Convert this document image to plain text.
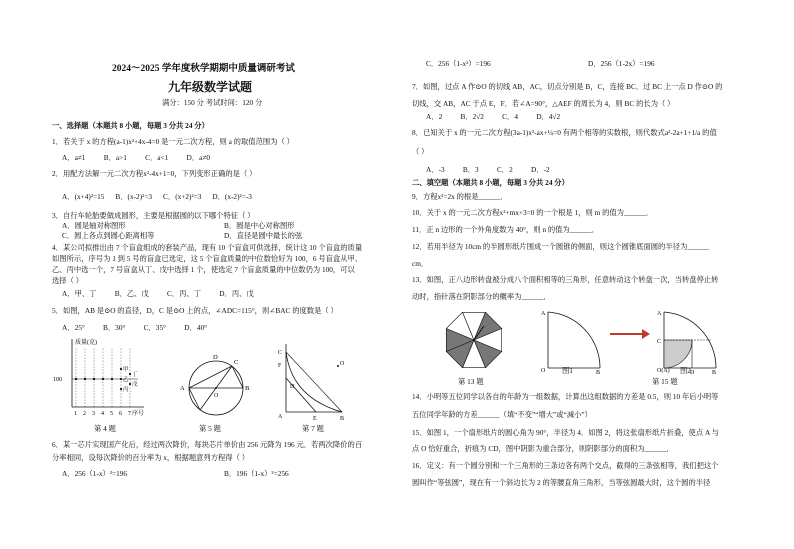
2024～2025 学年度秋学期期中质量调研考试
九年级数学试题
满分：150 分 考试时间：120 分
一、选择题（本题共 8 小题，每题 3 分共 24 分）
1．若关于 x 的方程(a-1)x²+4x-4=0 是一元二次方程，则 a 的取值范围为（ ）
A．a≠1          B．a>1          C．a<1          D．a≠0
2．用配方法解一元二次方程x²-4x+1=0，下列变形正确的是（ ）
A．(x+4)²=15      B．(x-2)²=3      C．(x+2)²=3      D．(x-2)²=-3
3．自行车轮胎要做成圆形，主要是根据圆的以下哪个特征（ ）
A．圆是轴对称图形	B．圆是中心对称图形
C．圆上各点到圆心距离相等	D．直径是圆中最长的弦
4．某公司拟推出由 7 个盲盒组成的套装产品，现有 10 个盲盒可供选择，统计这 10 个盲盒的质量
如图所示，序号为 1 到 5 号的盲盒已选定，这 5 个盲盒质量的中位数恰好为 100，6 号盲盒从甲、
乙、丙中选一个，7 号盲盒从丁、戊中选择 1 个，使选定 7 个盲盒质量的中位数仍为 100，可以
选择（ ）
A．甲、丁          B．乙、戊          C．丙、丁          D．丙、戊
5．如图，AB 是⊙O 的直径，D，C 是⊙O 上的点，∠ADC=115°，则∠BAC 的度数是（ ）
A．25°          B．30°          C．35°          D．40°
100
质量(克)
序号
1 2 3 4 5 6 7
甲
乙
丙
丁
戊
第 4 题
D
A	B
C
O
第 5 题
O
C
F
D
A	E	B
第 7 题
6．某一芯片实现国产化后，经过两次降价，每块芯片单价由 256 元降为 196 元．若两次降价的百
分率相同，设每次降价的百分率为 x，根据题意列方程得（ ）
A．256（1-x）²=196	B．196（1-x）²=256
C．256（1-x²）=196	D．256（1-2x）=196
7．如图，过点 A 作⊙O 的切线 AB，AC，切点分别是 B，C，连接 BC．过 BC 上一点 D 作⊙O 的
切线，交 AB，AC 于点 E，F．若∠A=90°，△AEF 的周长为 4，则 BC 的长为（ ）
A．2          B．2√2          C．4          D．4√2
8．已知关于 x 的一元二次方程(3a-1)x²-ax+¼=0 有两个相等的实数根，则代数式a²-2a+1+1/a 的值
（ ）
A．-3          B．3          C．2          D．-2
二、填空题（本题共 8 小题，每题 3 分共 24 分）
9．方程x²=2x 的根是______．
10．关于 x 的一元二次方程x²+mx+3=0 的一个根是 1，则 m 的值为______．
11．正 n 边形的一个外角度数为 40°，则 n 的值为______．
12．若用半径为 10cm 的半圆形纸片围成一个圆锥的侧面，则这个圆锥底面圆的半径为______
cm．
13．如图，正八边形转盘被分成八个面积相等的三角形，任意转动这个转盘一次，当转盘停止转
动时，指针落在阴影部分的概率为______．
第 13 题
A
O	B
图1
A
C
O(A)	D	B
图2
第 15 题
14．小明等五位同学以各自的年龄为一组数据，计算出这组数据的方差是 0.5，则 10 年后小明等
五位同学年龄的方差______（填“不变”“增大”或“减小”）
15．如图 1，一个扇形纸片的圆心角为 90°，半径为 4．如图 2，将这张扇形纸片折叠，使点 A 与
点 O 恰好重合，折痕为 CD，图中阴影为重合部分，则阴影部分的面积为______．
16．定义：有一个圆分别和一个三角形的三条边各有两个交点，截得的三条弦相等，我们把这个
圆叫作“等弦圆”，现在有一个斜边长为 2 的等腰直角三角形，当等弦圆最大时，这个圆的半径
